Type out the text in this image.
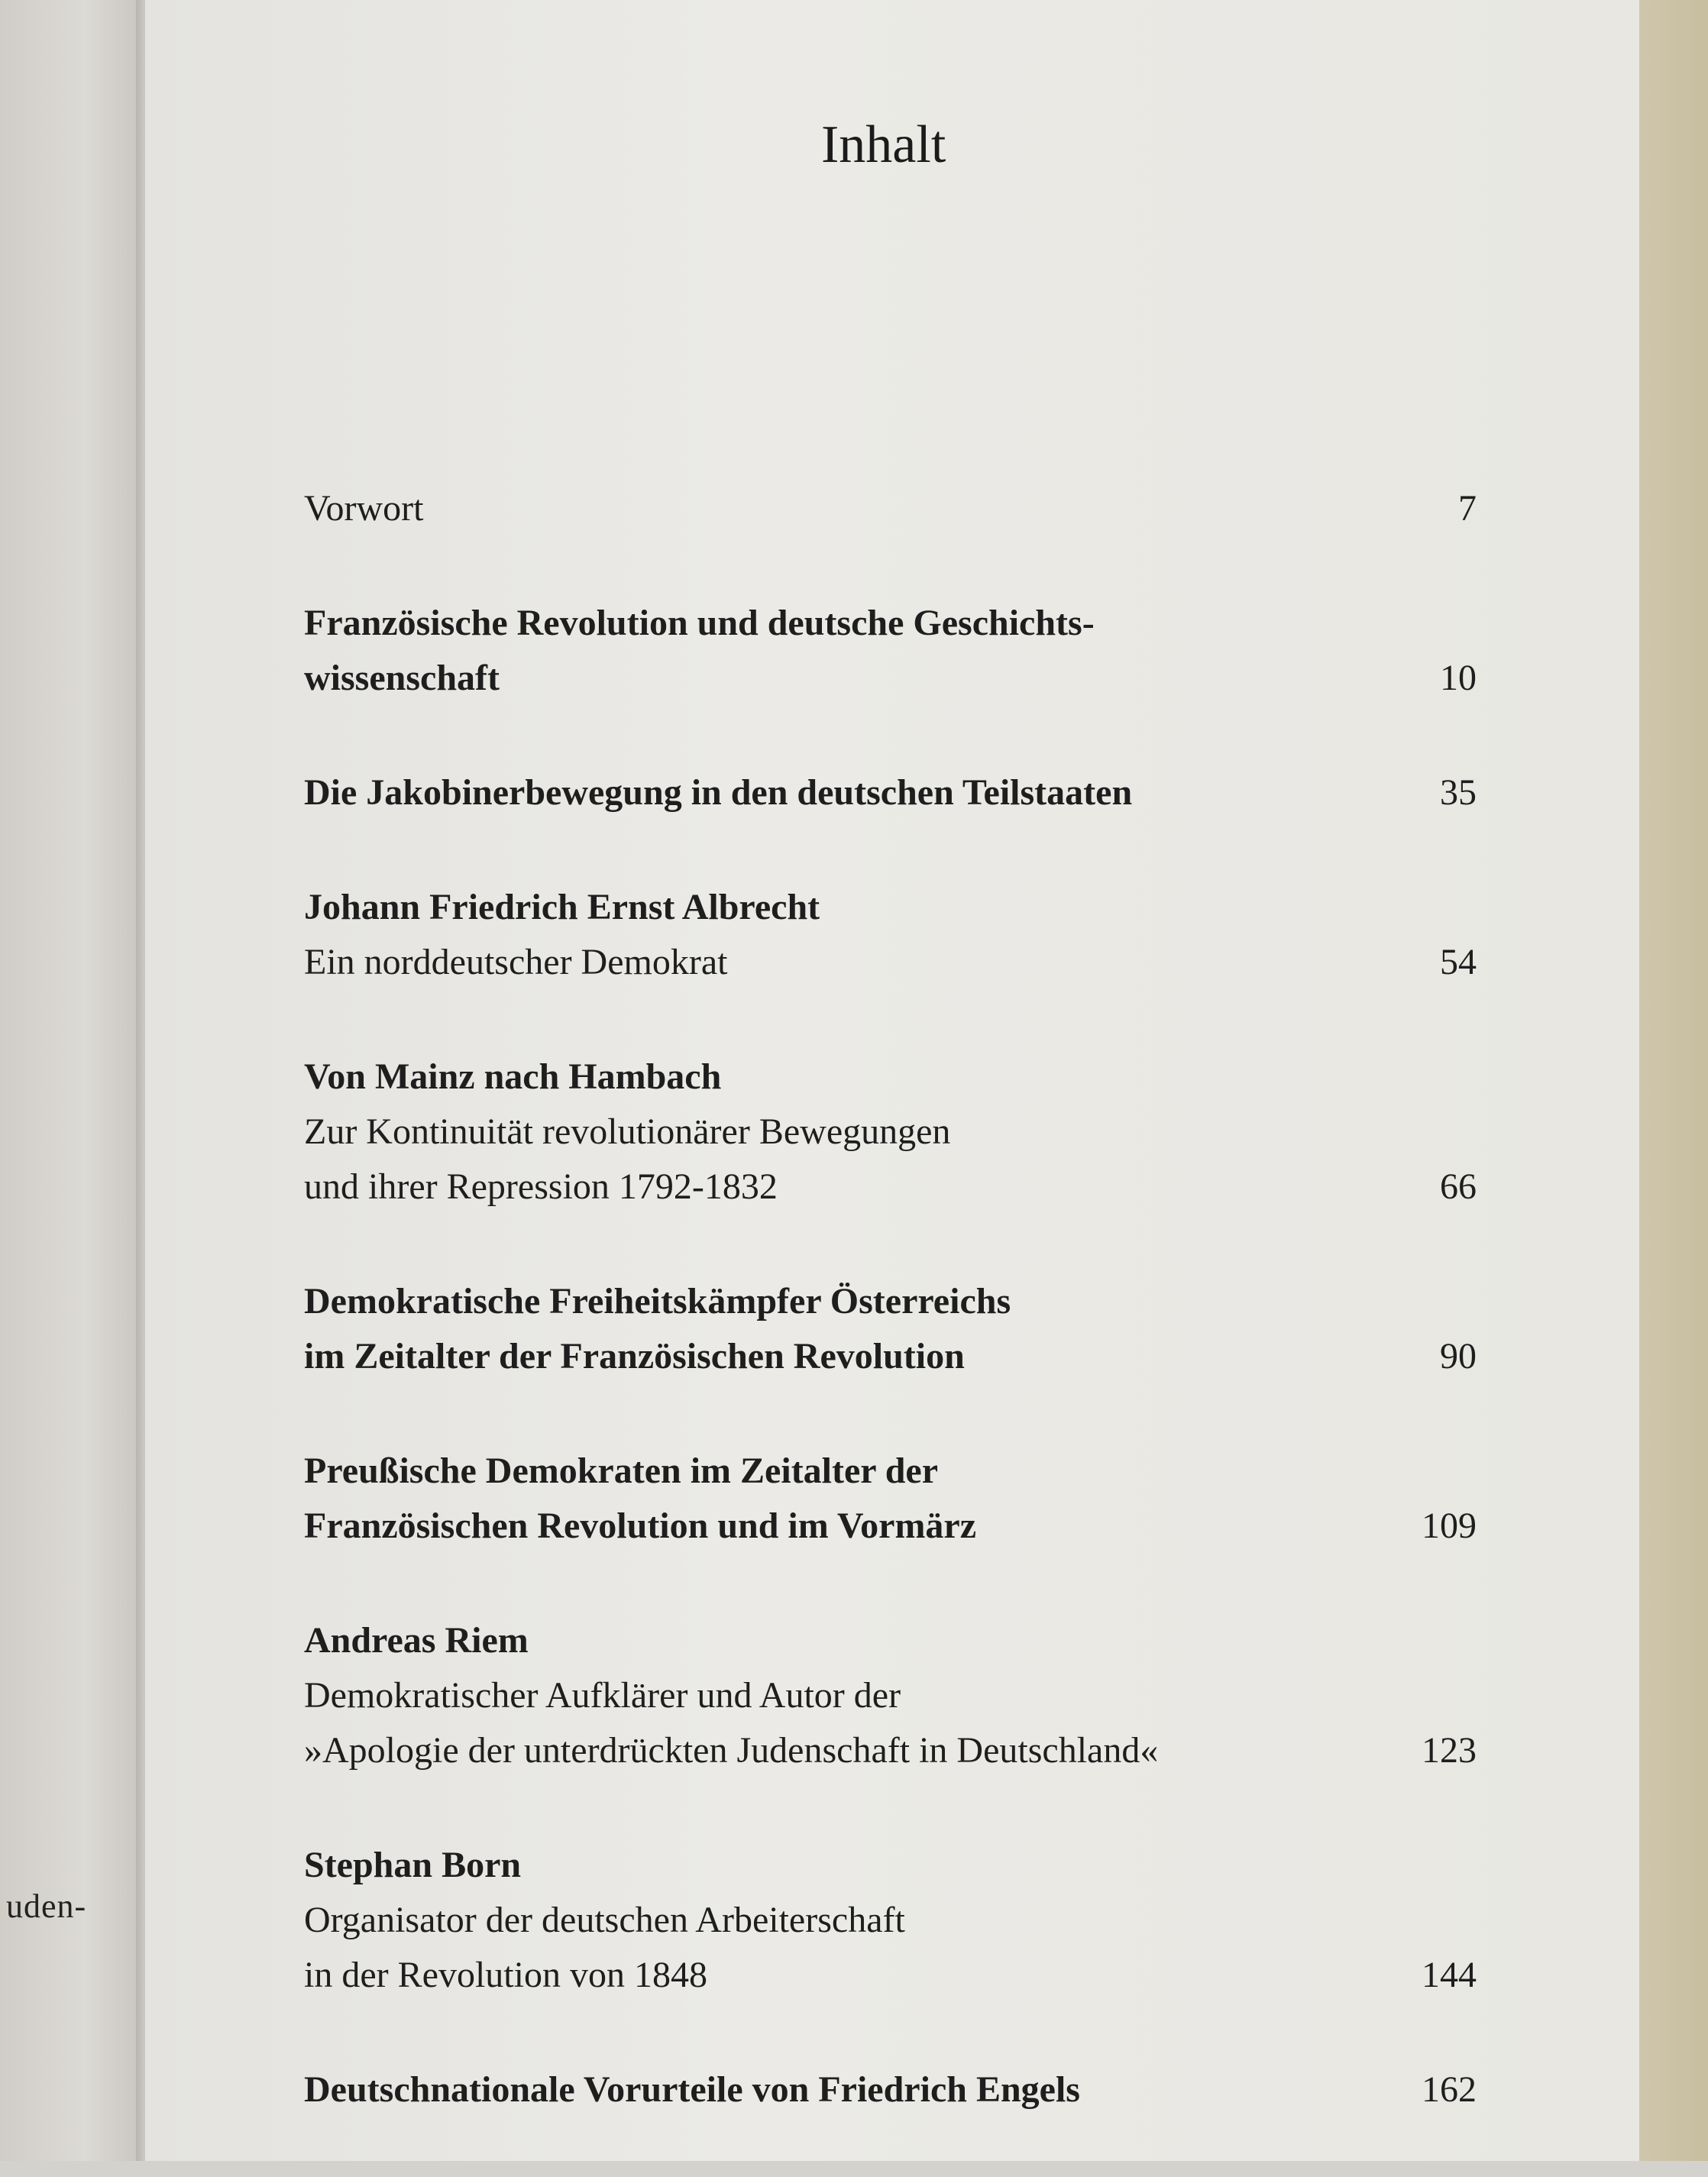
uden-
Inhalt
Vorwort	7
Französische Revolution und deutsche Geschichts-
wissenschaft	10
Die Jakobinerbewegung in den deutschen Teilstaaten	35
Johann Friedrich Ernst Albrecht
Ein norddeutscher Demokrat	54
Von Mainz nach Hambach
Zur Kontinuität revolutionärer Bewegungen
und ihrer Repression 1792-1832	66
Demokratische Freiheitskämpfer Österreichs
im Zeitalter der Französischen Revolution	90
Preußische Demokraten im Zeitalter der
Französischen Revolution und im Vormärz	109
Andreas Riem
Demokratischer Aufklärer und Autor der
»Apologie der unterdrückten Judenschaft in Deutschland«	123
Stephan Born
Organisator der deutschen Arbeiterschaft
in der Revolution von 1848	144
Deutschnationale Vorurteile von Friedrich Engels	162
